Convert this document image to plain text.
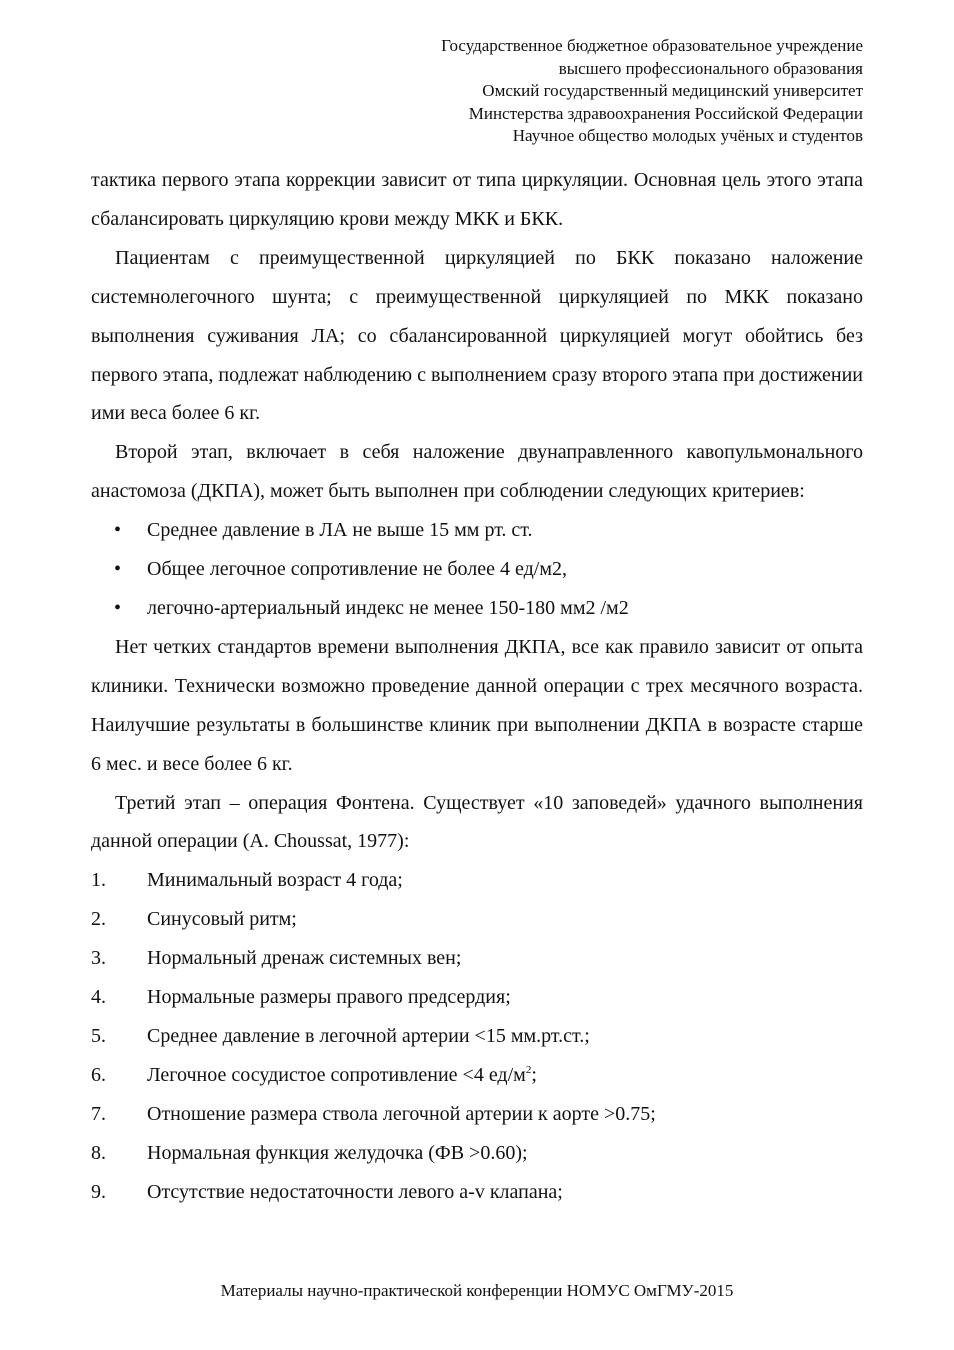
Государственное бюджетное образовательное учреждение
высшего профессионального образования
Омский государственный медицинский университет
Минстерства здравоохранения Российской Федерации
Научное общество молодых учёных и студентов
тактика первого этапа коррекции зависит от типа циркуляции. Основная цель этого этапа сбалансировать циркуляцию крови между МКК и БКК.
Пациентам с преимущественной циркуляцией по БКК показано наложение системнолегочного шунта; с преимущественной циркуляцией по МКК показано выполнения суживания ЛА; со сбалансированной циркуляцией могут обойтись без первого этапа, подлежат наблюдению с выполнением сразу второго этапа при достижении ими веса более 6 кг.
Второй этап, включает в себя наложение двунаправленного кавопульмонального анастомоза (ДКПА), может быть выполнен при соблюдении следующих критериев:
•	Среднее давление в ЛА не выше 15 мм рт. ст.
•	Общее легочное сопротивление не более 4 ед/м2,
•	легочно-артериальный индекс не менее 150-180 мм2 /м2
Нет четких стандартов времени выполнения ДКПА, все как правило зависит от опыта клиники. Технически возможно проведение данной операции с трех месячного возраста. Наилучшие результаты в большинстве клиник при выполнении ДКПА в возрасте старше 6 мес. и весе более 6 кг.
Третий этап – операция Фонтена. Существует «10 заповедей» удачного выполнения данной операции (A. Choussat, 1977):
1.	Минимальный возраст 4 года;
2.	Синусовый ритм;
3.	Нормальный дренаж системных вен;
4.	Нормальные размеры правого предсердия;
5.	Среднее давление в легочной артерии <15 мм.рт.ст.;
6.	Легочное сосудистое сопротивление <4 $ед/м^2$;
7.	Отношение размера ствола легочной артерии к аорте >0.75;
8.	Нормальная функция желудочка (ФВ >0.60);
9.	Отсутствие недостаточности левого a-v клапана;
Материалы научно-практической конференции НОМУС ОмГМУ-2015
